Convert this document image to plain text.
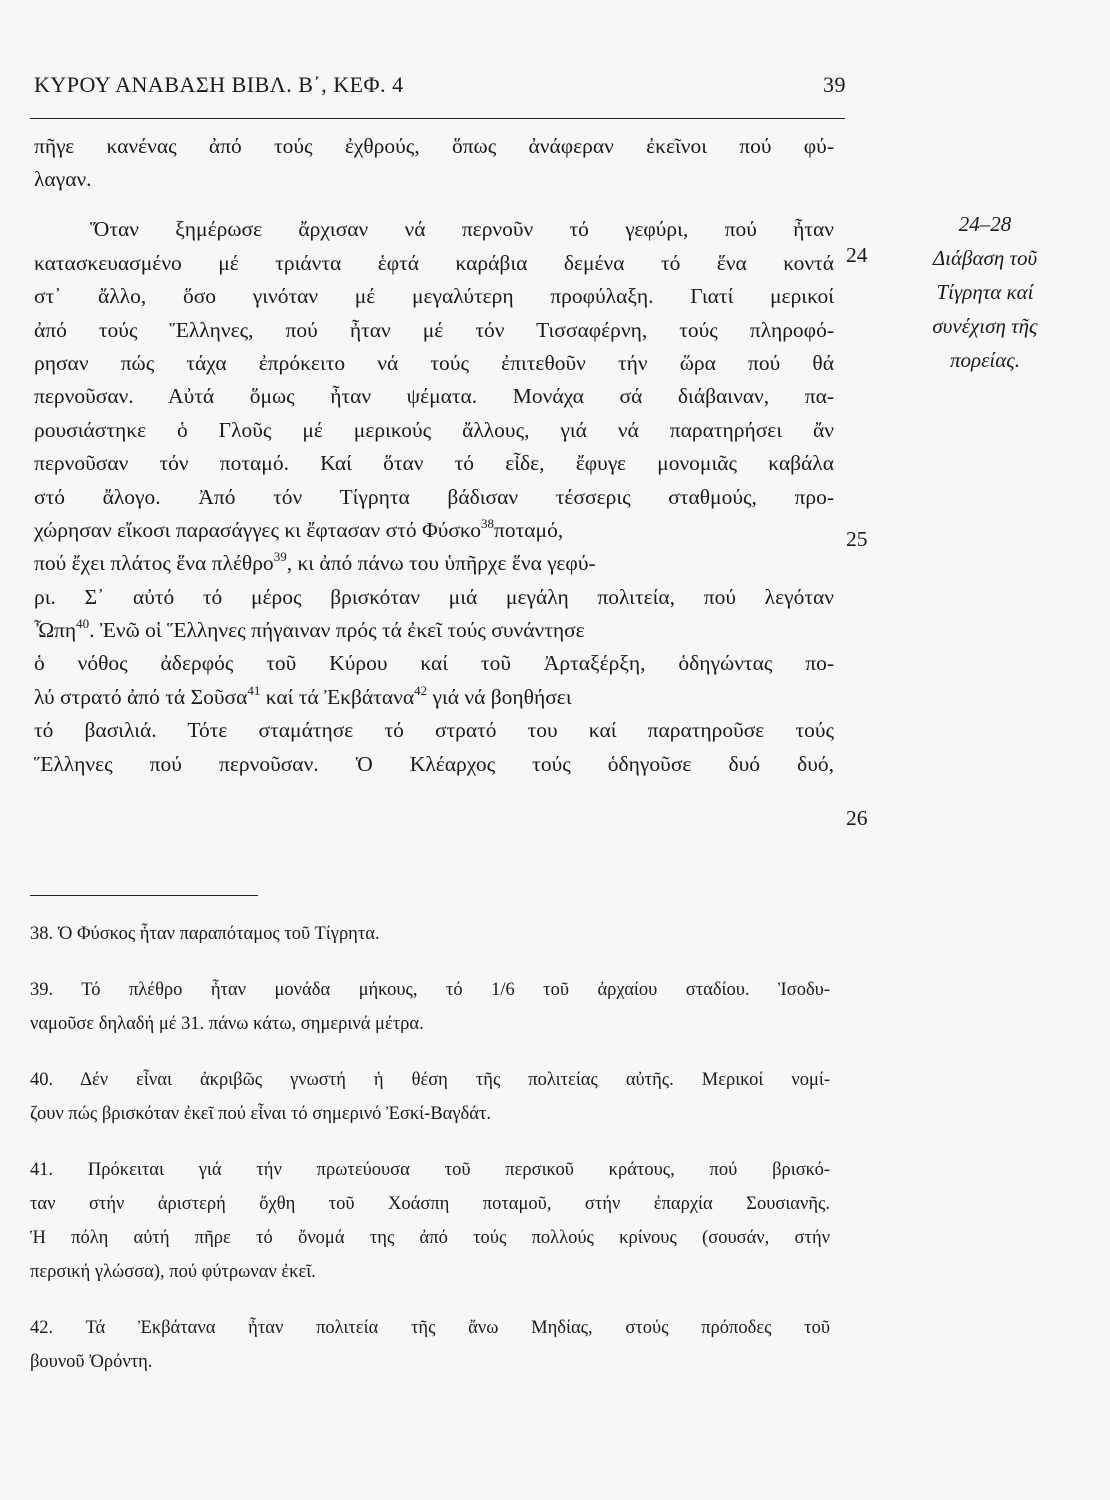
ΚΥΡΟΥ ΑΝΑΒΑΣΗ ΒΙΒΛ. Β΄, ΚΕΦ. 4	39
πῆγε κανένας ἀπό τούς ἐχθρούς, ὅπως ἀνάφεραν ἐκεῖνοι πού φύ-
λαγαν.
Ὅταν ξημέρωσε ἄρχισαν νά περνοῦν τό γεφύρι, πού ἦταν
κατασκευασμένο μέ τριάντα ἑφτά καράβια δεμένα τό ἕνα κοντά
στ᾿ ἄλλο, ὅσο γινόταν μέ μεγαλύτερη προφύλαξη. Γιατί μερικοί
ἀπό τούς Ἕλληνες, πού ἦταν μέ τόν Τισσαφέρνη, τούς πληροφό-
ρησαν πώς τάχα ἐπρόκειτο νά τούς ἐπιτεθοῦν τήν ὥρα πού θά
περνοῦσαν. Αὐτά ὅμως ἦταν ψέματα. Μονάχα σά διάβαιναν, πα-
ρουσιάστηκε ὁ Γλοῦς μέ μερικούς ἄλλους, γιά νά παρατηρήσει ἄν
περνοῦσαν τόν ποταμό. Καί ὅταν τό εἶδε, ἔφυγε μονομιᾶς καβάλα
στό ἄλογο. Ἀπό τόν Τίγρητα βάδισαν τέσσερις σταθμούς, προ-
χώρησαν εἴκοσι παρασάγγες κι ἔφτασαν στό Φύσκο$^{38}$ποταμό,
πού ἔχει πλάτος ἕνα πλέθρο$^{39}$, κι ἀπό πάνω του ὑπῆρχε ἕνα γεφύ-
ρι. Σ᾿ αὐτό τό μέρος βρισκόταν μιά μεγάλη πολιτεία, πού λεγόταν
Ὦπη$^{40}$. Ἐνῶ οἱ Ἕλληνες πήγαιναν πρός τά ἐκεῖ τούς συνάντησε
ὁ νόθος ἀδερφός τοῦ Κύρου καί τοῦ Ἀρταξέρξη, ὁδηγώντας πο-
λύ στρατό ἀπό τά Σοῦσα$^{41}$ καί τά Ἐκβάτανα$^{42}$ γιά νά βοηθήσει
τό βασιλιά. Τότε σταμάτησε τό στρατό του καί παρατηροῦσε τούς
Ἕλληνες πού περνοῦσαν. Ὁ Κλέαρχος τούς ὁδηγοῦσε δυό δυό,
24
25
26
24–28
Διάβαση τοῦ
Τίγρητα καί
συνέχιση τῆς
πορείας.
38. Ὁ Φύσκος ἦταν παραπόταμος τοῦ Τίγρητα.
39. Τό πλέθρο ἦταν μονάδα μήκους, τό 1/6 τοῦ ἀρχαίου σταδίου. Ἰσοδυ-
ναμοῦσε δηλαδή μέ 31. πάνω κάτω, σημερινά μέτρα.
40. Δέν εἶναι ἀκριβῶς γνωστή ἡ θέση τῆς πολιτείας αὐτῆς. Μερικοί νομί-
ζουν πώς βρισκόταν ἐκεῖ πού εἶναι τό σημερινό Ἐσκί-Βαγδάτ.
41. Πρόκειται γιά τήν πρωτεύουσα τοῦ περσικοῦ κράτους, πού βρισκό-
ταν στήν ἀριστερή ὄχθη τοῦ Χοάσπη ποταμοῦ, στήν ἐπαρχία Σουσιανῆς.
Ἡ πόλη αὐτή πῆρε τό ὄνομά της ἀπό τούς πολλούς κρίνους (σουσάν, στήν
περσική γλώσσα), πού φύτρωναν ἐκεῖ.
42. Τά Ἐκβάτανα ἦταν πολιτεία τῆς ἄνω Μηδίας, στούς πρόποδες τοῦ
βουνοῦ Ὀρόντη.
